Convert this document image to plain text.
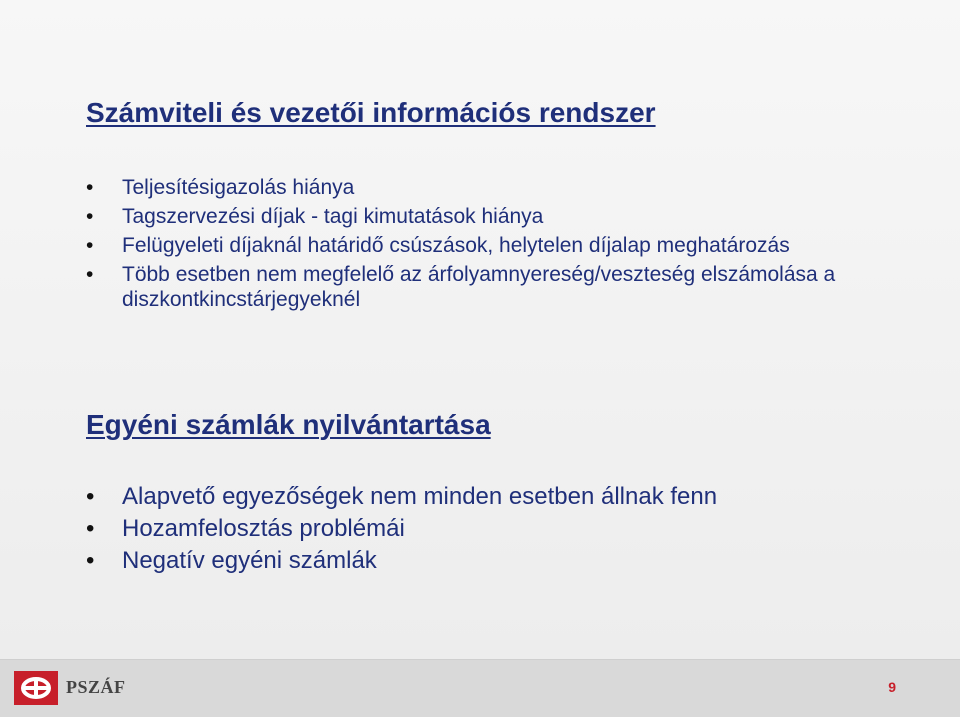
Számviteli és vezetői információs rendszer
• Teljesítésigazolás hiánya
• Tagszervezési díjak - tagi kimutatások hiánya
• Felügyeleti díjaknál határidő csúszások, helytelen díjalap meghatározás
• Több esetben nem megfelelő az árfolyamnyereség/veszteség elszámolása a diszkontkincstárjegyeknél
Egyéni számlák nyilvántartása
• Alapvető egyezőségek nem minden esetben állnak fenn
• Hozamfelosztás problémái
• Negatív egyéni számlák
PSZÁF	9
